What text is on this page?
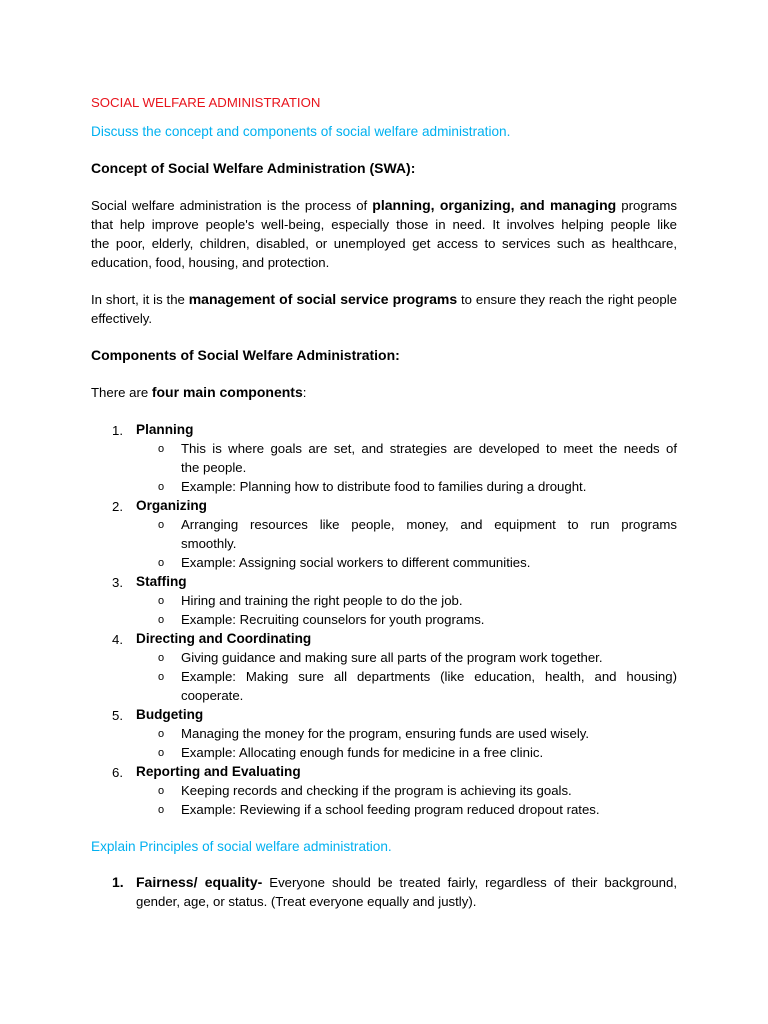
SOCIAL WELFARE ADMINISTRATION
Discuss the concept and components of social welfare administration.
Concept of Social Welfare Administration (SWA):
Social welfare administration is the process of planning, organizing, and managing programs
that help improve people's well-being, especially those in need. It involves helping people like
the poor, elderly, children, disabled, or unemployed get access to services such as healthcare,
education, food, housing, and protection.
In short, it is the management of social service programs to ensure they reach the right people
effectively.
Components of Social Welfare Administration:
There are four main components:
1. Planning
o This is where goals are set, and strategies are developed to meet the needs of
the people.
o Example: Planning how to distribute food to families during a drought.
2. Organizing
o Arranging resources like people, money, and equipment to run programs
smoothly.
o Example: Assigning social workers to different communities.
3. Staffing
o Hiring and training the right people to do the job.
o Example: Recruiting counselors for youth programs.
4. Directing and Coordinating
o Giving guidance and making sure all parts of the program work together.
o Example: Making sure all departments (like education, health, and housing)
cooperate.
5. Budgeting
o Managing the money for the program, ensuring funds are used wisely.
o Example: Allocating enough funds for medicine in a free clinic.
6. Reporting and Evaluating
o Keeping records and checking if the program is achieving its goals.
o Example: Reviewing if a school feeding program reduced dropout rates.
Explain Principles of social welfare administration.
1. Fairness/ equality- Everyone should be treated fairly, regardless of their background,
gender, age, or status. (Treat everyone equally and justly).
